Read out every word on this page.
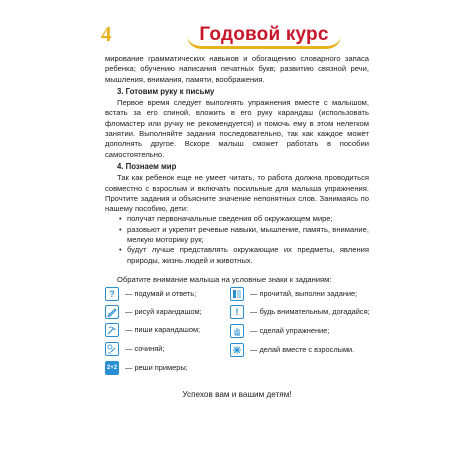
4	Годовой курс

мирование грамматических навыков и обогащению словарного запаса ребенка; обучению написания печатных букв; развитию связной речи, мышления, внимания, памяти, воображения.

3. Готовим руку к письму

Первое время следует выполнять упражнения вместе с малышом, встать за его спиной, вложить в его руку карандаш (использовать фломастер или ручку не рекомендуется) и помочь ему в этом нелегком занятии. Выполняйте задания последовательно, так как каждое может дополнять другое. Вскоре малыш сможет работать в пособии самостоятельно.

4. Познаем мир

Так как ребенок еще не умеет читать, то работа должна проводиться совместно с взрослым и включать посильные для малыша упражнения. Прочтите задания и объясните значение непонятных слов. Занимаясь по нашему пособию, дети:

• получат первоначальные сведения об окружающем мире;
• разовьют и укрепят речевые навыки, мышление, память, внимание, мелкую моторику рук;
• будут лучше представлять окружающие их предметы, явления природы, жизнь людей и животных.
Обратите внимание малыша на условные знаки к заданиям:
?	— подумай и ответь;
— рисуй карандашом;
— пиши карандашом;
— сочиняй;
2+2 — реши примеры;
— прочитай, выполни задание;
!	— будь внимательным, догадайся;
— сделай упражнение;
— делай вместе с взрослыми.
Успехов вам и вашим детям!
